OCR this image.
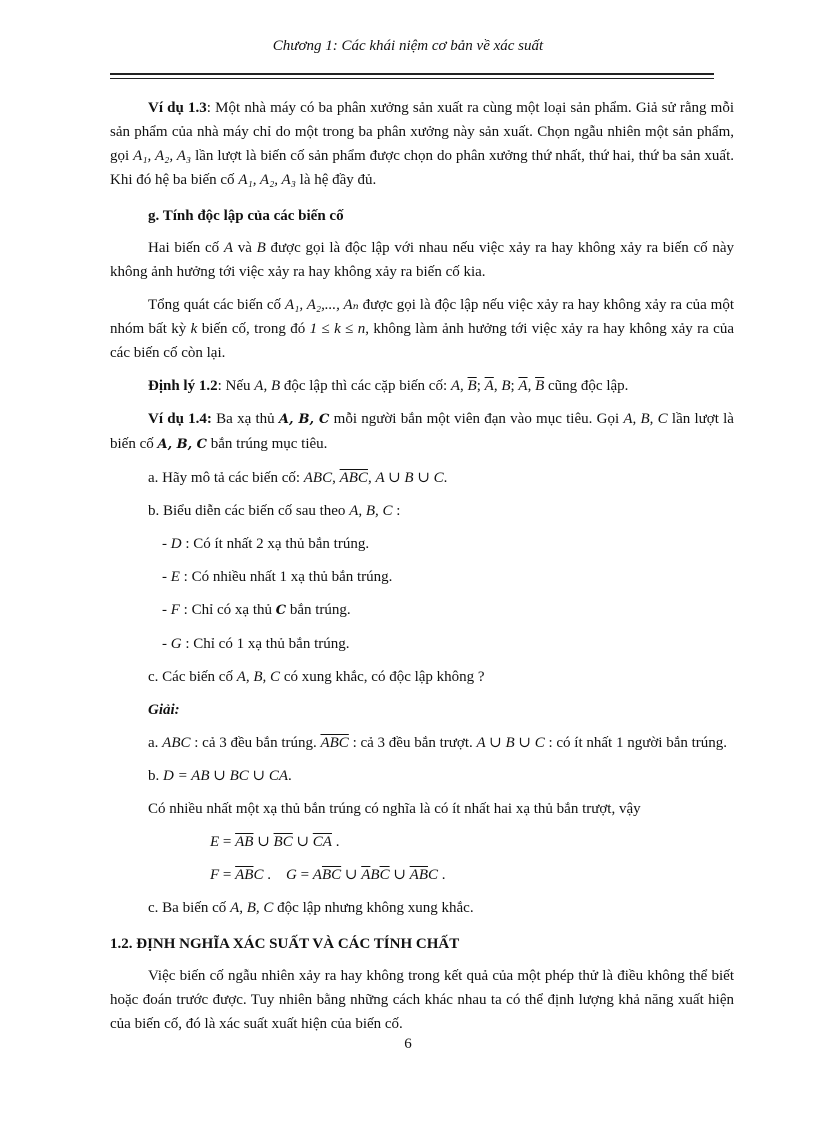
Chương 1: Các khái niệm cơ bản về xác suất

Ví dụ 1.3: Một nhà máy có ba phân xưởng sản xuất ra cùng một loại sản phẩm. Giả sử rằng mỗi sản phẩm của nhà máy chỉ do một trong ba phân xưởng này sản xuất. Chọn ngẫu nhiên một sản phẩm, gọi A₁, A₂, A₃ lần lượt là biến cố sản phẩm được chọn do phân xưởng thứ nhất, thứ hai, thứ ba sản xuất. Khi đó hệ ba biến cố A₁, A₂, A₃ là hệ đầy đủ.

g. Tính độc lập của các biến cố

Hai biến cố A và B được gọi là độc lập với nhau nếu việc xảy ra hay không xảy ra biến cố này không ảnh hưởng tới việc xảy ra hay không xảy ra biến cố kia.

Tổng quát các biến cố A₁, A₂,..., Aₙ được gọi là độc lập nếu việc xảy ra hay không xảy ra của một nhóm bất kỳ k biến cố, trong đó 1 ≤ k ≤ n, không làm ảnh hưởng tới việc xảy ra hay không xảy ra của các biến cố còn lại.

Định lý 1.2: Nếu A, B độc lập thì các cặp biến cố: A, $\overline{B}$; $\overline{A}$, B; $\overline{A}$, $\overline{B}$ cũng độc lập.

Ví dụ 1.4: Ba xạ thủ A, B, C mỗi người bắn một viên đạn vào mục tiêu. Gọi A, B, C lần lượt là biến cố A, B, C bắn trúng mục tiêu.

a. Hãy mô tả các biến cố: ABC, $\overline{ABC}$, A ∪ B ∪ C.

b. Biểu diễn các biến cố sau theo A, B, C :

- D : Có ít nhất 2 xạ thủ bắn trúng.

- E : Có nhiều nhất 1 xạ thủ bắn trúng.

- F : Chỉ có xạ thủ C bắn trúng.

- G : Chỉ có 1 xạ thủ bắn trúng.

c. Các biến cố A, B, C có xung khắc, có độc lập không ?

Giải:

a. ABC : cả 3 đều bắn trúng. $\overline{ABC}$ : cả 3 đều bắn trượt. A ∪ B ∪ C : có ít nhất 1 người bắn trúng.

b. D = AB ∪ BC ∪ CA.

Có nhiều nhất một xạ thủ bắn trúng có nghĩa là có ít nhất hai xạ thủ bắn trượt, vậy

$E = \overline{AB}$ ∪ $\overline{BC}$ ∪ $\overline{CA}$ .

$F = \overline{AB}C$ .    $G = A\overline{BC}$ ∪ $\overline{A}B\overline{C}$ ∪ $\overline{AB}C$ .

c. Ba biến cố A, B, C độc lập nhưng không xung khắc.

1.2. ĐỊNH NGHĨA XÁC SUẤT VÀ CÁC TÍNH CHẤT

Việc biến cố ngẫu nhiên xảy ra hay không trong kết quả của một phép thử là điều không thể biết hoặc đoán trước được. Tuy nhiên bằng những cách khác nhau ta có thể định lượng khả năng xuất hiện của biến cố, đó là xác suất xuất hiện của biến cố.

6
